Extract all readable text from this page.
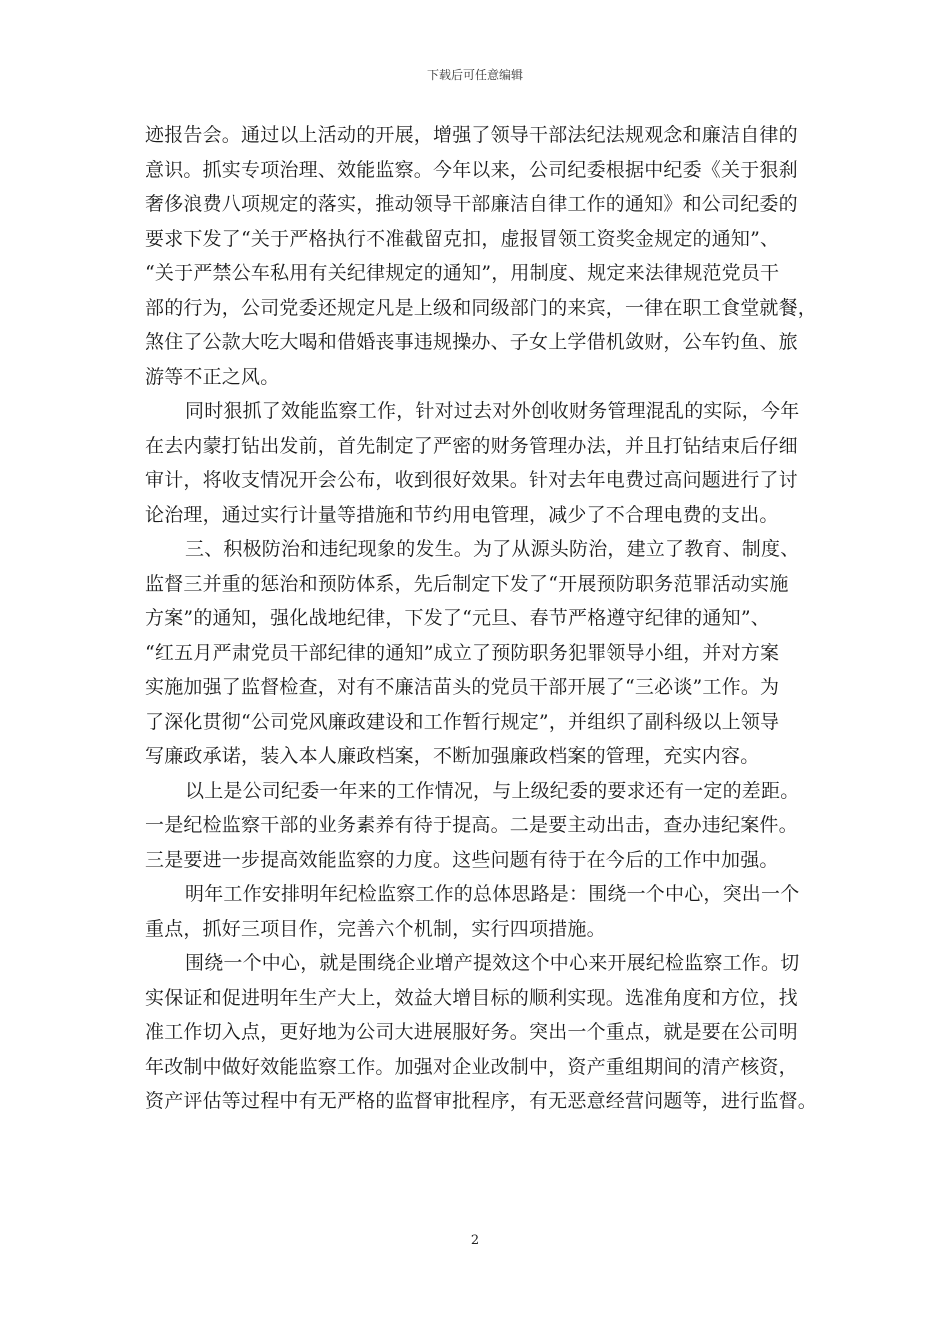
下载后可任意编辑
迹报告会。通过以上活动的开展，增强了领导干部法纪法规观念和廉洁自律的
意识。抓实专项治理、效能监察。今年以来，公司纪委根据中纪委《关于狠刹
奢侈浪费八项规定的落实，推动领导干部廉洁自律工作的通知》和公司纪委的
要求下发了“关于严格执行不准截留克扣，虚报冒领工资奖金规定的通知”、
“关于严禁公车私用有关纪律规定的通知”，用制度、规定来法律规范党员干
部的行为，公司党委还规定凡是上级和同级部门的来宾，一律在职工食堂就餐，
煞住了公款大吃大喝和借婚丧事违规操办、子女上学借机敛财，公车钓鱼、旅
游等不正之风。
同时狠抓了效能监察工作，针对过去对外创收财务管理混乱的实际，今年
在去内蒙打钻出发前，首先制定了严密的财务管理办法，并且打钻结束后仔细
审计，将收支情况开会公布，收到很好效果。针对去年电费过高问题进行了讨
论治理，通过实行计量等措施和节约用电管理，减少了不合理电费的支出。
三、积极防治和违纪现象的发生。为了从源头防治，建立了教育、制度、
监督三并重的惩治和预防体系，先后制定下发了“开展预防职务范罪活动实施
方案”的通知，强化战地纪律，下发了“元旦、春节严格遵守纪律的通知”、
“红五月严肃党员干部纪律的通知”成立了预防职务犯罪领导小组，并对方案
实施加强了监督检查，对有不廉洁苗头的党员干部开展了“三必谈”工作。为
了深化贯彻“公司党风廉政建设和工作暂行规定”，并组织了副科级以上领导
写廉政承诺，装入本人廉政档案，不断加强廉政档案的管理，充实内容。
以上是公司纪委一年来的工作情况，与上级纪委的要求还有一定的差距。
一是纪检监察干部的业务素养有待于提高。二是要主动出击，查办违纪案件。
三是要进一步提高效能监察的力度。这些问题有待于在今后的工作中加强。
明年工作安排明年纪检监察工作的总体思路是：围绕一个中心，突出一个
重点，抓好三项目作，完善六个机制，实行四项措施。
围绕一个中心，就是围绕企业增产提效这个中心来开展纪检监察工作。切
实保证和促进明年生产大上，效益大增目标的顺利实现。选准角度和方位，找
准工作切入点，更好地为公司大进展服好务。突出一个重点，就是要在公司明
年改制中做好效能监察工作。加强对企业改制中，资产重组期间的清产核资，
资产评估等过程中有无严格的监督审批程序，有无恶意经营问题等，进行监督。
2
